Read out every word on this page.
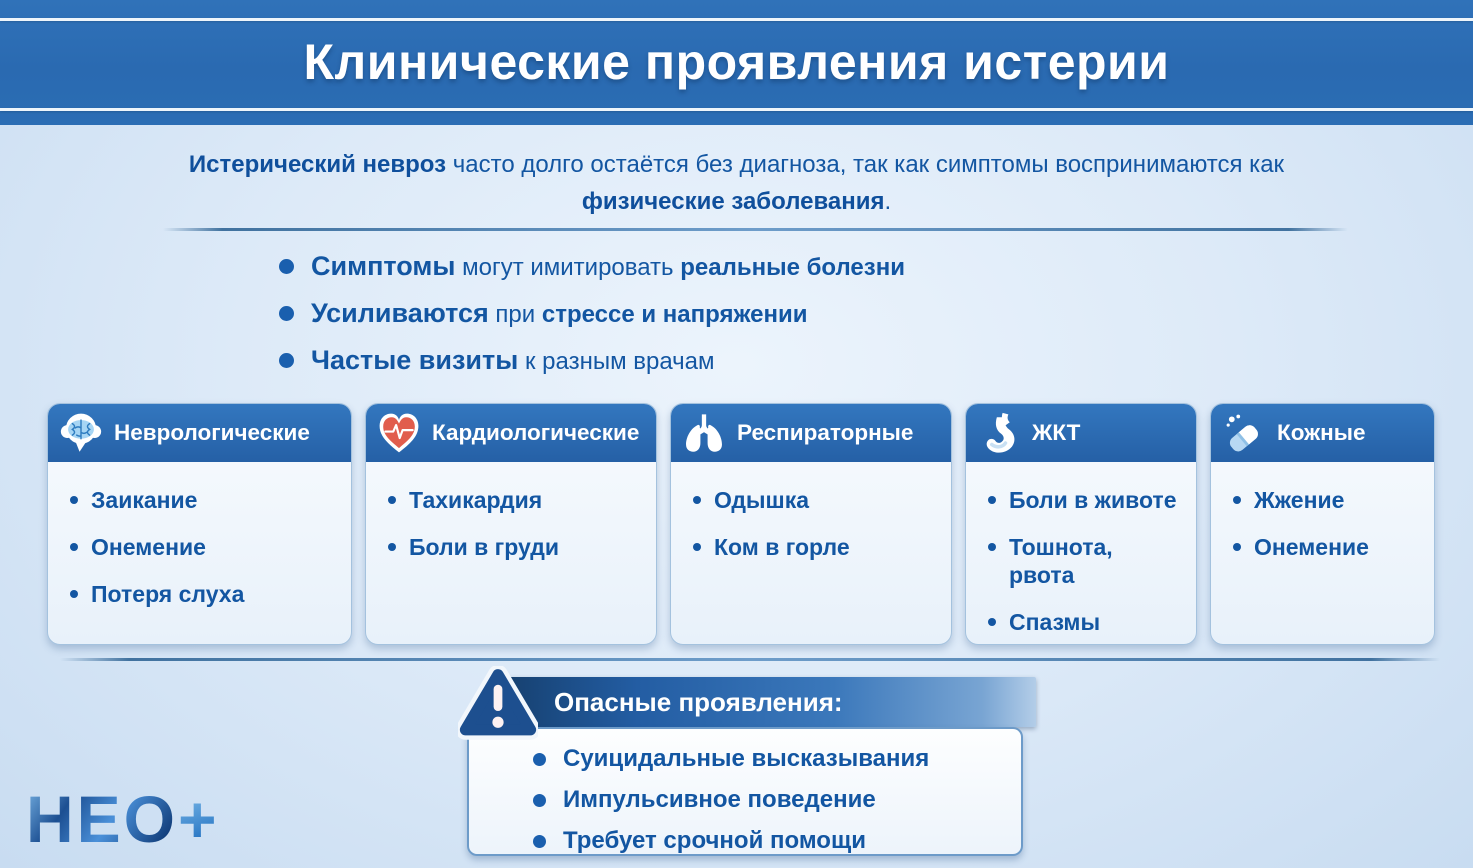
Клинические проявления истерии
Истерический невроз часто долго остаётся без диагноза, так как симптомы воспринимаются как физические заболевания.
Симптомы могут имитировать реальные болезни
Усиливаются при стрессе и напряжении
Частые визиты к разным врачам
Неврологические
Заикание
Онемение
Потеря слуха
Кардиологические
Тахикардия
Боли в груди
Респираторные
Одышка
Ком в горле
ЖКТ
Боли в животе
Тошнота, рвота
Спазмы
Кожные
Жжение
Онемение
Опасные проявления:
Суицидальные высказывания
Импульсивное поведение
Требует срочной помощи
НЕО+
